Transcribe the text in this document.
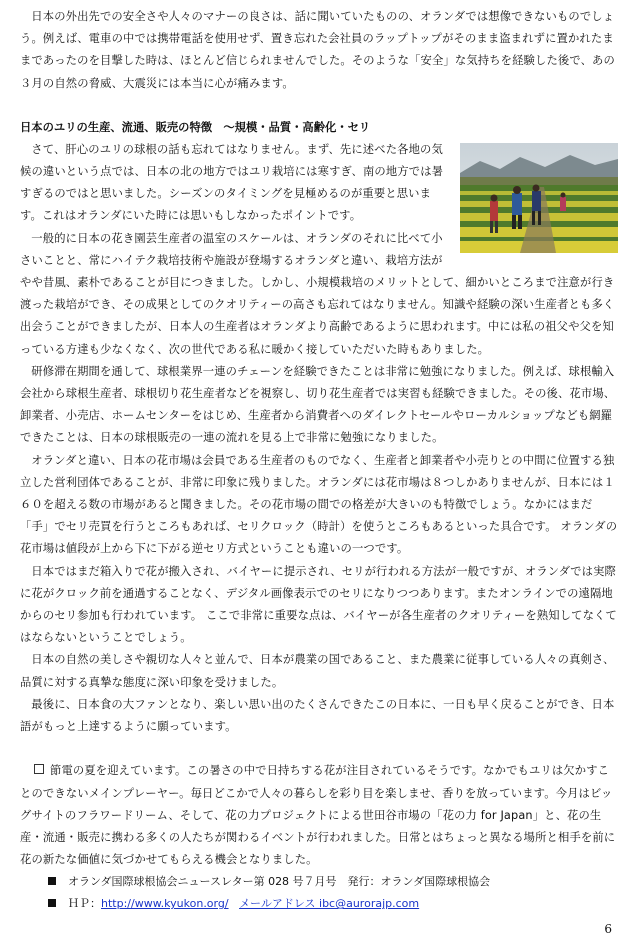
日本の外出先での安全さや人々のマナーの良さは、話に聞いていたものの、オランダでは想像できないものでしょう。例えば、電車の中では携帯電話を使用せず、置き忘れた会社員のラップトップがそのまま盗まれずに置かれたままであったのを目撃した時は、ほとんど信じられませんでした。そのような「安全」な気持ちを経験した後で、あの３月の自然の脅威、大震災には本当に心が痛みます。

日本のユリの生産、流通、販売の特徴　～規模・品質・高齢化・セリ

さて、肝心のユリの球根の話も忘れてはなりません。まず、先に述べた各地の気候の違いという点では、日本の北の地方ではユリ栽培には寒すぎ、南の地方では暑すぎるのではと思いました。シーズンのタイミングを見極めるのが重要と思います。これはオランダにいた時には思いもしなかったポイントです。

一般的に日本の花き園芸生産者の温室のスケールは、オランダのそれに比べて小さいことと、常にハイテク栽培技術や施設が登場するオランダと違い、栽培方法がやや昔風、素朴であることが目につきました。しかし、小規模栽培のメリットとして、細かいところまで注意が行き渡った栽培ができ、その成果としてのクオリティーの高さも忘れてはなりません。知識や経験の深い生産者とも多く出会うことができましたが、日本人の生産者はオランダより高齢であるように思われます。中には私の祖父や父を知っている方達も少なくなく、次の世代である私に暖かく接していただいた時もありました。

研修滞在期間を通して、球根業界一連のチェーンを経験できたことは非常に勉強になりました。例えば、球根輸入会社から球根生産者、球根切り花生産者などを視察し、切り花生産者では実習も経験できました。その後、花市場、卸業者、小売店、ホームセンターをはじめ、生産者から消費者へのダイレクトセールやローカルショップなども網羅できたことは、日本の球根販売の一連の流れを見る上で非常に勉強になりました。

オランダと違い、日本の花市場は会員である生産者のものでなく、生産者と卸業者や小売りとの中間に位置する独立した営利団体であることが、非常に印象に残りました。オランダには花市場は８つしかありませんが、日本には１６０を超える数の市場があると聞きました。その花市場の間での格差が大きいのも特徴でしょう。なかにはまだ「手」でセリ売買を行うところもあれば、セリクロック（時計）を使うところもあるといった具合です。 オランダの花市場は値段が上から下に下がる逆セリ方式ということも違いの一つです。

日本ではまだ箱入りで花が搬入され、バイヤーに提示され、セリが行われる方法が一般ですが、オランダでは実際に花がクロック前を通過することなく、デジタル画像表示でのセリになりつつあります。またオンラインでの遠隔地からのセリ参加も行われています。 ここで非常に重要な点は、バイヤーが各生産者のクオリティーを熟知してなくてはならないということでしょう。

日本の自然の美しさや親切な人々と並んで、日本が農業の国であること、また農業に従事している人々の真剣さ、品質に対する真摯な態度に深い印象を受けました。

最後に、日本食の大ファンとなり、楽しい思い出のたくさんできたこの日本に、一日も早く戻ることができ、日本語がもっと上達するように願っています。

節電の夏を迎えています。この暑さの中で日持ちする花が注目されているそうです。なかでもユリは欠かすことのできないメインプレーヤー。毎日どこかで人々の暮らしを彩り目を楽しませ、香りを放っています。今月はビッグサイトのフラワードリーム、そして、花の力プロジェクトによる世田谷市場の「花の力 for Japan」と、花の生産・流通・販売に携わる多くの人たちが関わるイベントが行われました。日常とはちょっと異なる場所と相手を前に花の新たな価値に気づかせてもらえる機会となりました。

オランダ国際球根協会ニュースレター第 028 号７月号　発行：オランダ国際球根協会
ＨＰ：http://www.kyukon.org/ メールアドレス ibc@aurorajp.com
6
